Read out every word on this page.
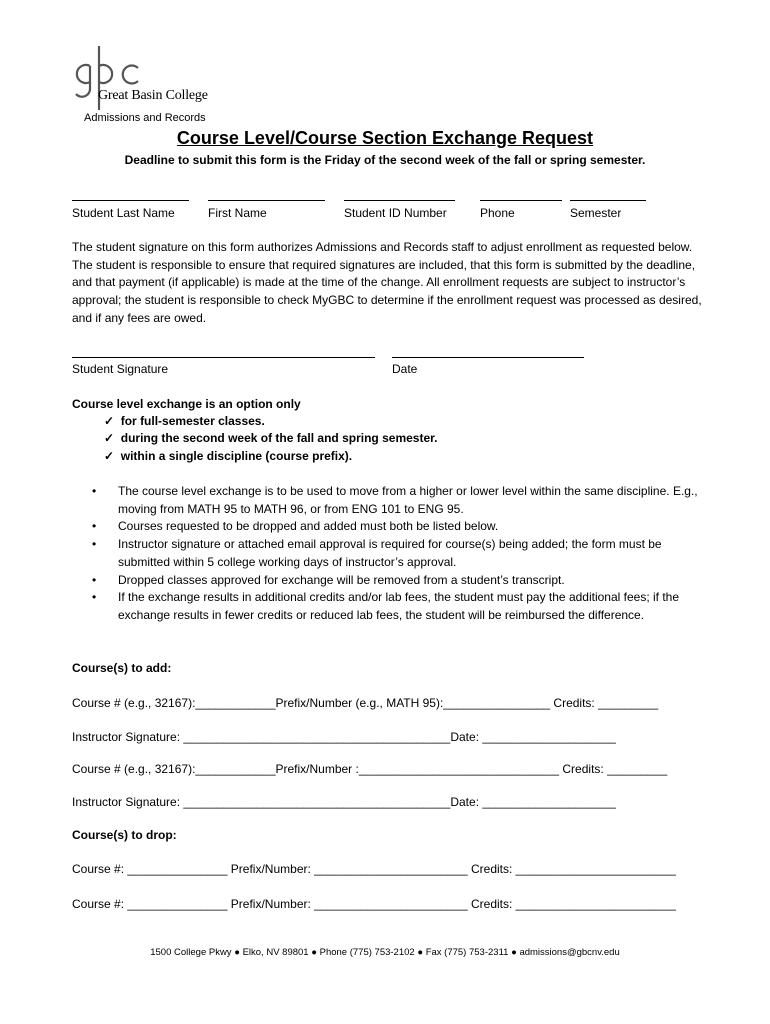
Great Basin College
Admissions and Records
Course Level/Course Section Exchange Request
Deadline to submit this form is the Friday of the second week of the fall or spring semester.
Student Last Name	First Name	Student ID Number	Phone	Semester
The student signature on this form authorizes Admissions and Records staff to adjust enrollment as requested below. The student is responsible to ensure that required signatures are included, that this form is submitted by the deadline, and that payment (if applicable) is made at the time of the change. All enrollment requests are subject to instructor’s approval; the student is responsible to check MyGBC to determine if the enrollment request was processed as desired, and if any fees are owed.
Student Signature	Date
Course level exchange is an option only
✓  for full-semester classes.
✓  during the second week of the fall and spring semester.
✓  within a single discipline (course prefix).
• The course level exchange is to be used to move from a higher or lower level within the same discipline. E.g., moving from MATH 95 to MATH 96, or from ENG 101 to ENG 95.
• Courses requested to be dropped and added must both be listed below.
• Instructor signature or attached email approval is required for course(s) being added; the form must be submitted within 5 college working days of instructor’s approval.
• Dropped classes approved for exchange will be removed from a student’s transcript.
• If the exchange results in additional credits and/or lab fees, the student must pay the additional fees; if the exchange results in fewer credits or reduced lab fees, the student will be reimbursed the difference.
Course(s) to add:
Course # (e.g., 32167):____________Prefix/Number (e.g., MATH 95):________________ Credits: _________
Instructor Signature: ________________________________________Date: ____________________
Course # (e.g., 32167):____________Prefix/Number :______________________________ Credits: _________
Instructor Signature: ________________________________________Date: ____________________
Course(s) to drop:
Course #: _______________ Prefix/Number: _______________________ Credits: ________________________
Course #: _______________ Prefix/Number: _______________________ Credits: ________________________
1500 College Pkwy ● Elko, NV 89801 ● Phone (775) 753-2102 ● Fax (775) 753-2311 ● admissions@gbcnv.edu
